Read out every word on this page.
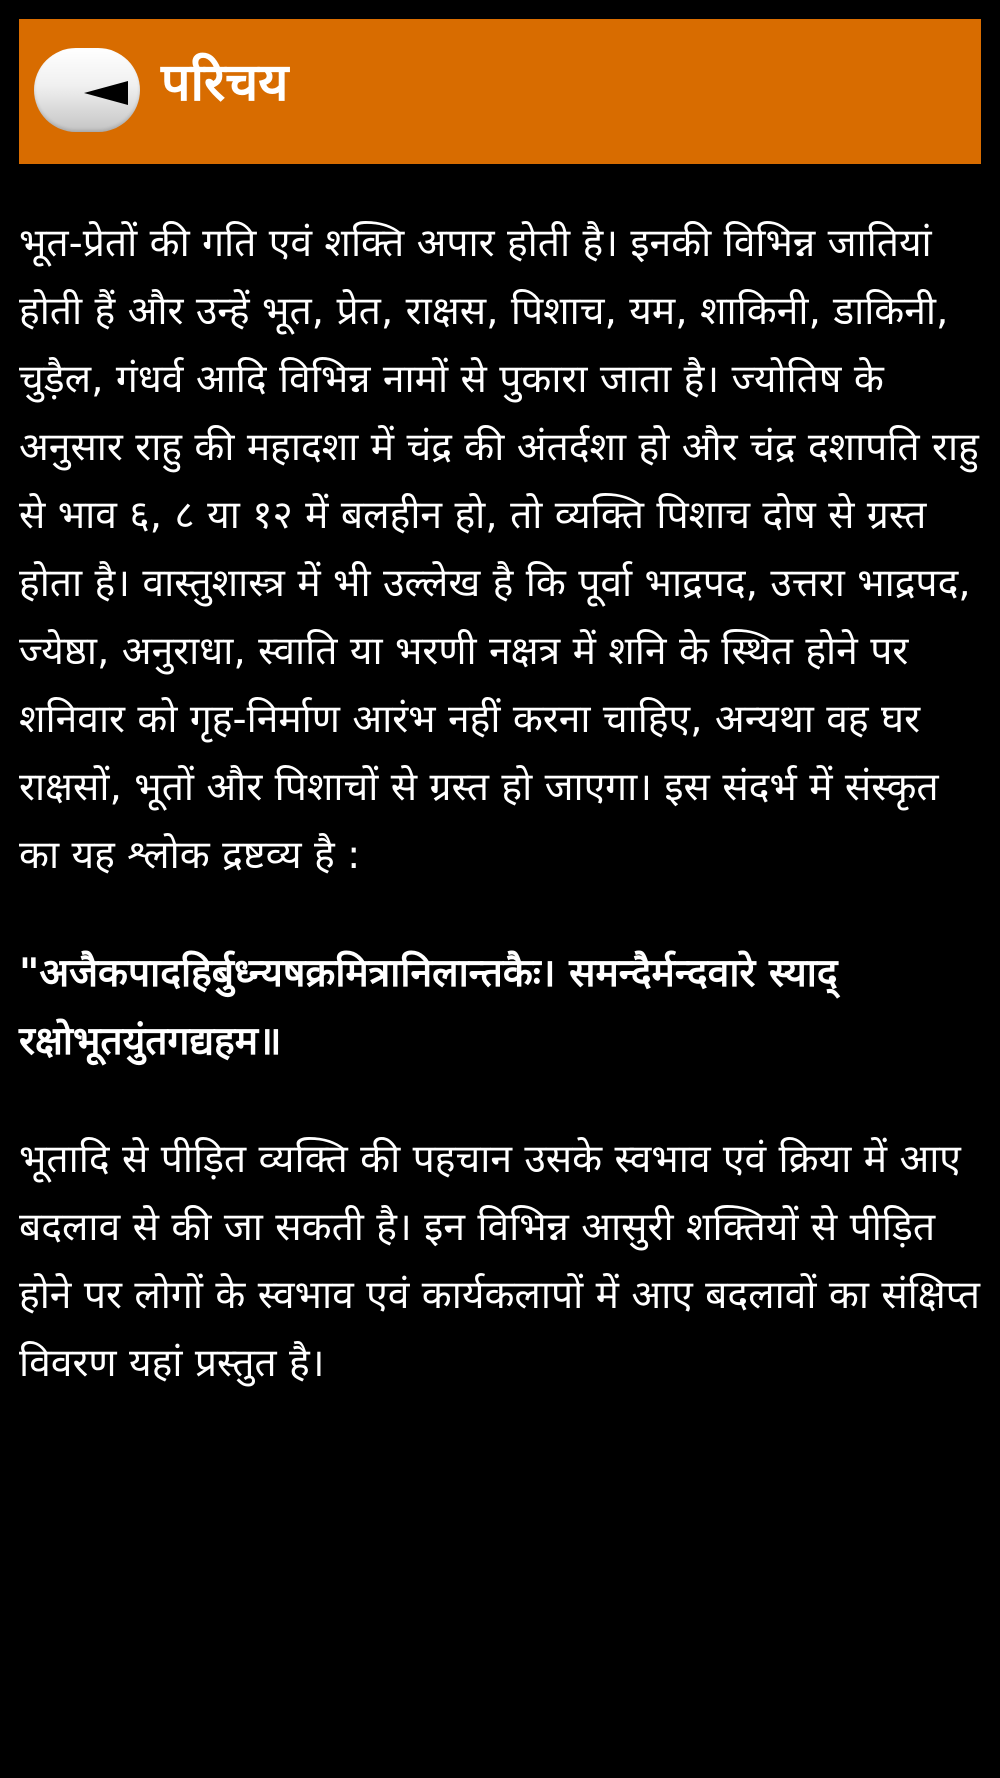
परिचय

भूत-प्रेतों की गति एवं शक्ति अपार होती है। इनकी विभिन्न जातियां होती हैं और उन्हें भूत, प्रेत, राक्षस, पिशाच, यम, शाकिनी, डाकिनी, चुड़ैल, गंधर्व आदि विभिन्न नामों से पुकारा जाता है। ज्योतिष के अनुसार राहु की महादशा में चंद्र की अंतर्दशा हो और चंद्र दशापति राहु से भाव ६, ८ या १२ में बलहीन हो, तो व्यक्ति पिशाच दोष से ग्रस्त होता है। वास्तुशास्त्र में भी उल्लेख है कि पूर्वा भाद्रपद, उत्तरा भाद्रपद, ज्येष्ठा, अनुराधा, स्वाति या भरणी नक्षत्र में शनि के स्थित होने पर शनिवार को गृह-निर्माण आरंभ नहीं करना चाहिए, अन्यथा वह घर राक्षसों, भूतों और पिशाचों से ग्रस्त हो जाएगा। इस संदर्भ में संस्कृत का यह श्लोक द्रष्टव्य है :

"अजैकपादहिर्बुध्न्यषक्रमित्रानिलान्तकैः। समन्दैर्मन्दवारे स्याद् रक्षोभूतयुंतगद्यहम॥

भूतादि से पीड़ित व्यक्ति की पहचान उसके स्वभाव एवं क्रिया में आए बदलाव से की जा सकती है। इन विभिन्न आसुरी शक्तियों से पीड़ित होने पर लोगों के स्वभाव एवं कार्यकलापों में आए बदलावों का संक्षिप्त विवरण यहां प्रस्तुत है।
